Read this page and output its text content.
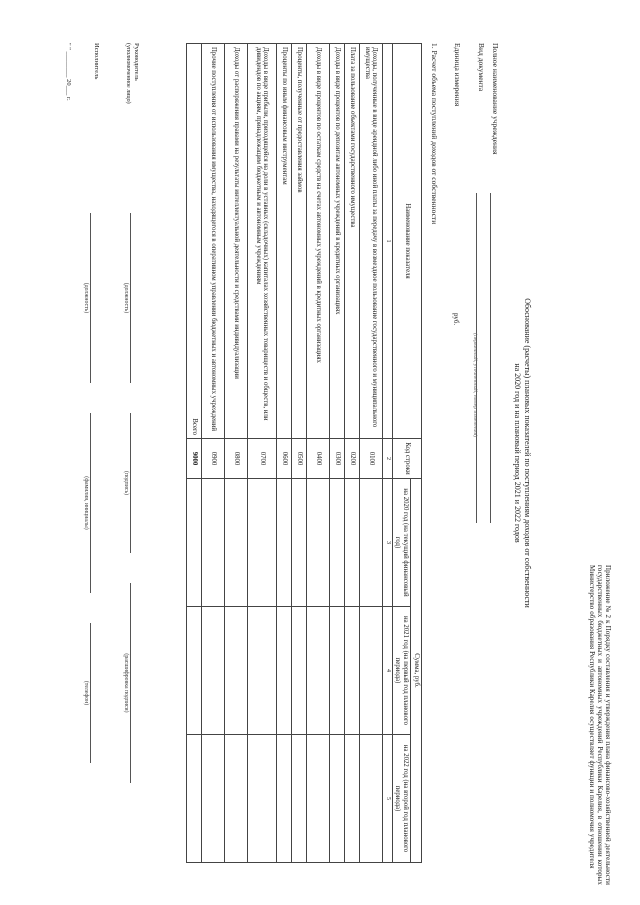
Приложение № 2 к Порядку составления и утверждения плана финансово-хозяйственной деятельности государственных бюджетных и автономных учреждений Республики Карелия, в отношении которых Министерство образования Республики Карелия осуществляет функции и полномочия учредителя
Обоснование (расчеты) плановых показателей по поступлениям доходов от собственности
на 2020 год и на плановый период 2021 и 2022 годов
Полное наименование учреждения
Вид документа
(первичный, уточненный, номер изменения)
Единица измерения
руб.
1. Расчет объема поступлений доходов от собственности
Наименование показателя	Код строки	Сумма, руб.		
		на 2020 год (на текущий финансовый год)	на 2021 год (на первый год планового периода)	на 2022 год (на второй год планового периода)
1	2	3	4	5
Доходы, полученные в виде арендной либо иной платы за передачу в возмездное пользование государственного и муниципального имущества	0100			
Плата за пользование объектами государственного имущества	0200			
Доходы в виде процентов по депозитам автономных учреждений в кредитных организациях	0300			
Доходы в виде процентов по остаткам средств на счетах автономных учреждений в кредитных организациях	0400			
Проценты, полученные от предоставления займов	0500			
Проценты по иным финансовым инструментам	0600			
Доходы в виде прибыли, приходящейся на доли в уставных (складочных) капиталах хозяйственных товариществ и обществ, или дивидендов по акциям, принадлежащим бюджетным и автономным учреждениям	0700			
Доходы от распоряжения правами на результаты интеллектуальной деятельности и средствами индивидуализации	0800			
Прочие поступления от использования имущества, находящегося в оперативном управлении бюджетных и автономных учреждений	0900			
Всего	9000			
Руководитель
(уполномоченное лицо)
(должность)
(подпись)
(расшифровка подписи)
Исполнитель
(должность)
(фамилия, инициалы)
(телефон)
" " ________ 20___ г.
